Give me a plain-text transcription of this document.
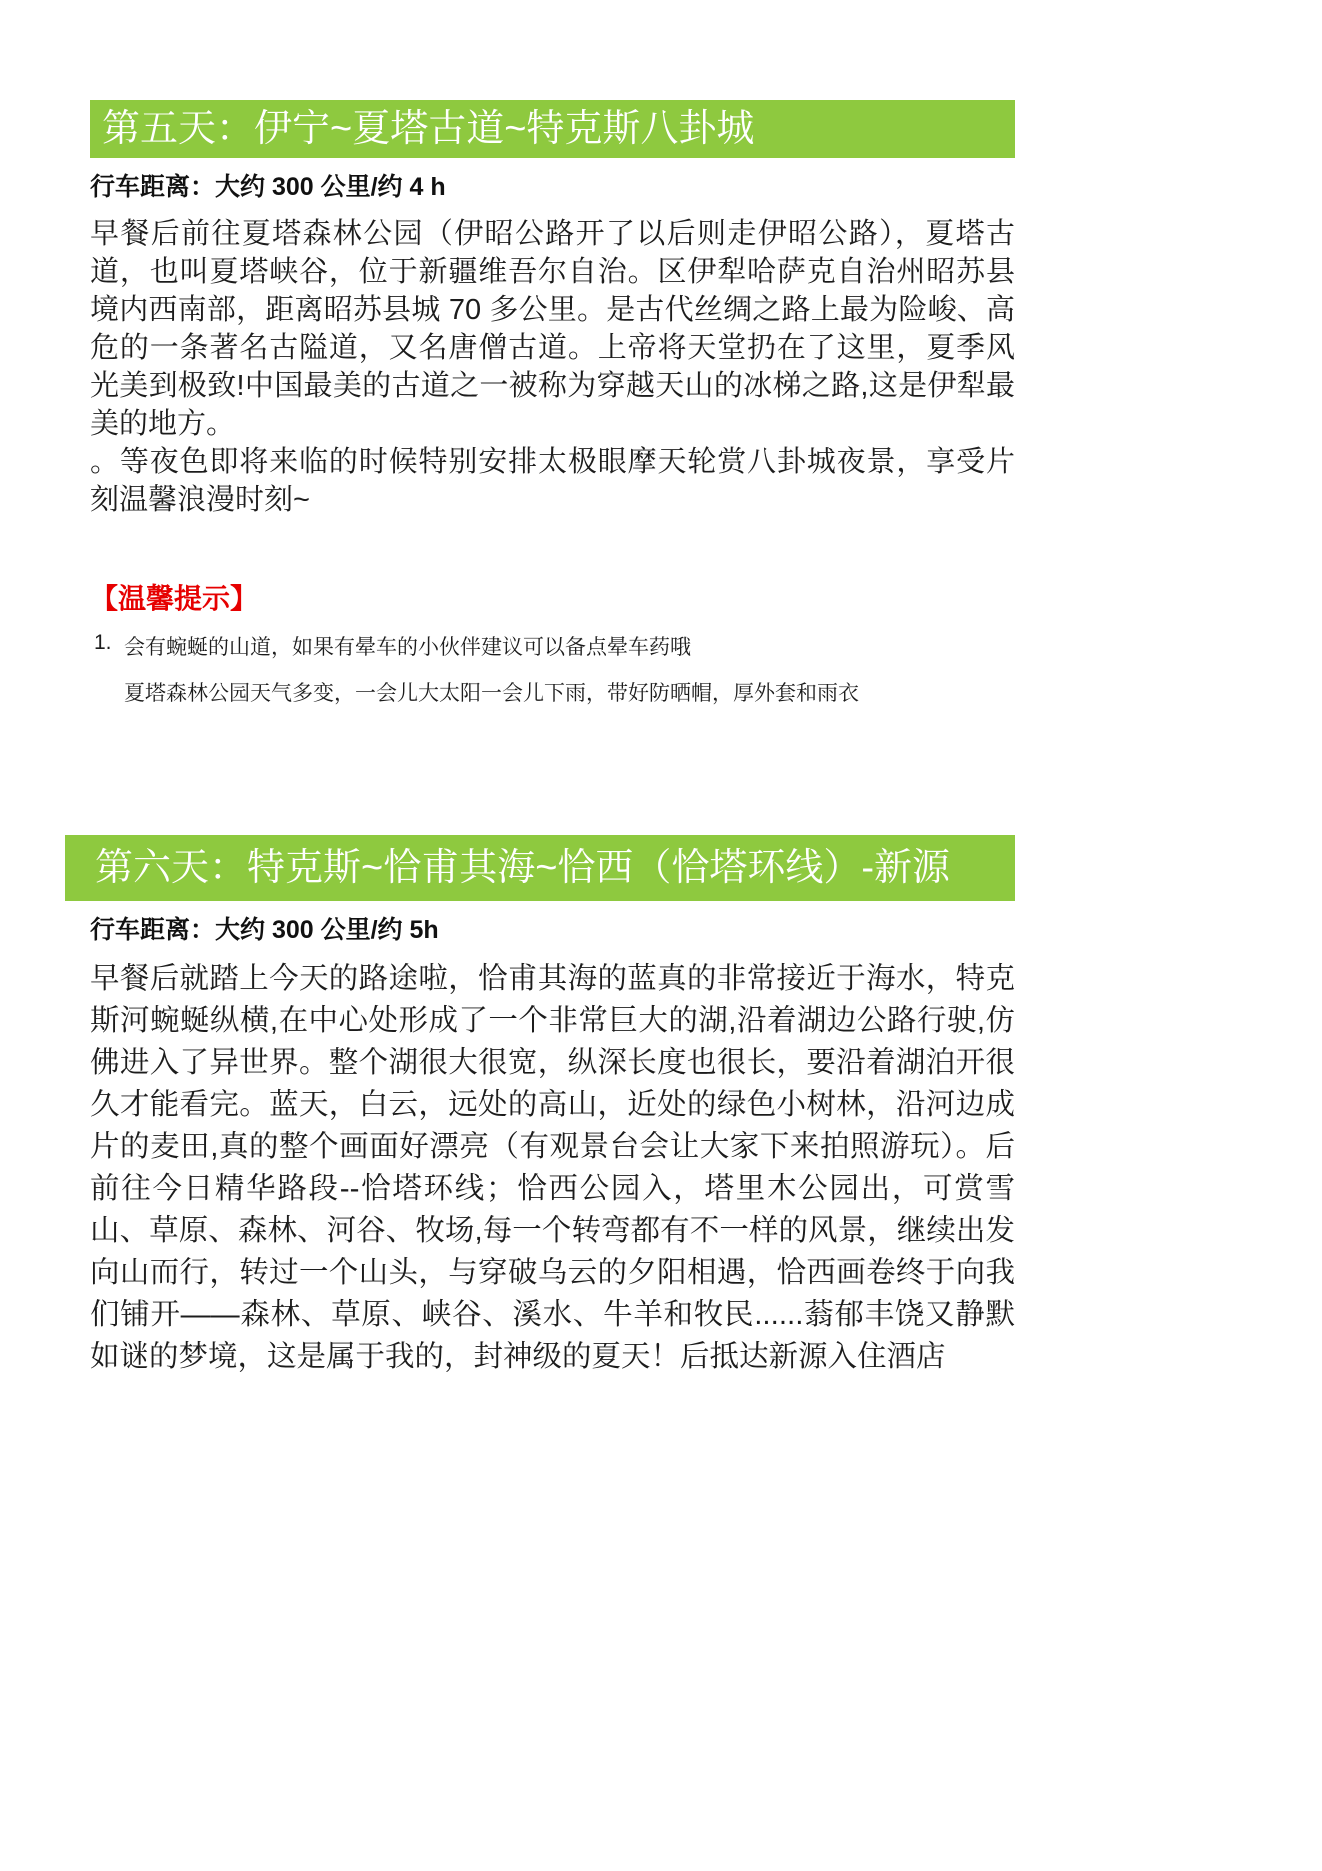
第五天：伊宁~夏塔古道~特克斯八卦城

行车距离：大约 300 公里/约 4 h

早餐后前往夏塔森林公园（伊昭公路开了以后则走伊昭公路），夏塔古道，也叫夏塔峡谷，位于新疆维吾尔自治。区伊犁哈萨克自治州昭苏县境内西南部，距离昭苏县城 70 多公里。是古代丝绸之路上最为险峻、高危的一条著名古隘道，又名唐僧古道。上帝将天堂扔在了这里，夏季风光美到极致!中国最美的古道之一被称为穿越天山的冰梯之路,这是伊犁最美的地方。

。等夜色即将来临的时候特别安排太极眼摩天轮赏八卦城夜景，享受片刻温馨浪漫时刻~

【温馨提示】
1. 会有蜿蜒的山道，如果有晕车的小伙伴建议可以备点晕车药哦
夏塔森林公园天气多变，一会儿大太阳一会儿下雨，带好防晒帽，厚外套和雨衣
第六天：特克斯~恰甫其海~恰西（恰塔环线）-新源

行车距离：大约 300 公里/约 5h

早餐后就踏上今天的路途啦，恰甫其海的蓝真的非常接近于海水，特克斯河蜿蜒纵横,在中心处形成了一个非常巨大的湖,沿着湖边公路行驶,仿佛进入了异世界。整个湖很大很宽，纵深长度也很长，要沿着湖泊开很久才能看完。蓝天，白云，远处的高山，近处的绿色小树林，沿河边成片的麦田,真的整个画面好漂亮（有观景台会让大家下来拍照游玩）。后前往今日精华路段--恰塔环线；恰西公园入，塔里木公园出，可赏雪山、草原、森林、河谷、牧场,每一个转弯都有不一样的风景，继续出发向山而行，转过一个山头，与穿破乌云的夕阳相遇，恰西画卷终于向我们铺开——森林、草原、峡谷、溪水、牛羊和牧民......蓊郁丰饶又静默如谜的梦境，这是属于我的，封神级的夏天！后抵达新源入住酒店
